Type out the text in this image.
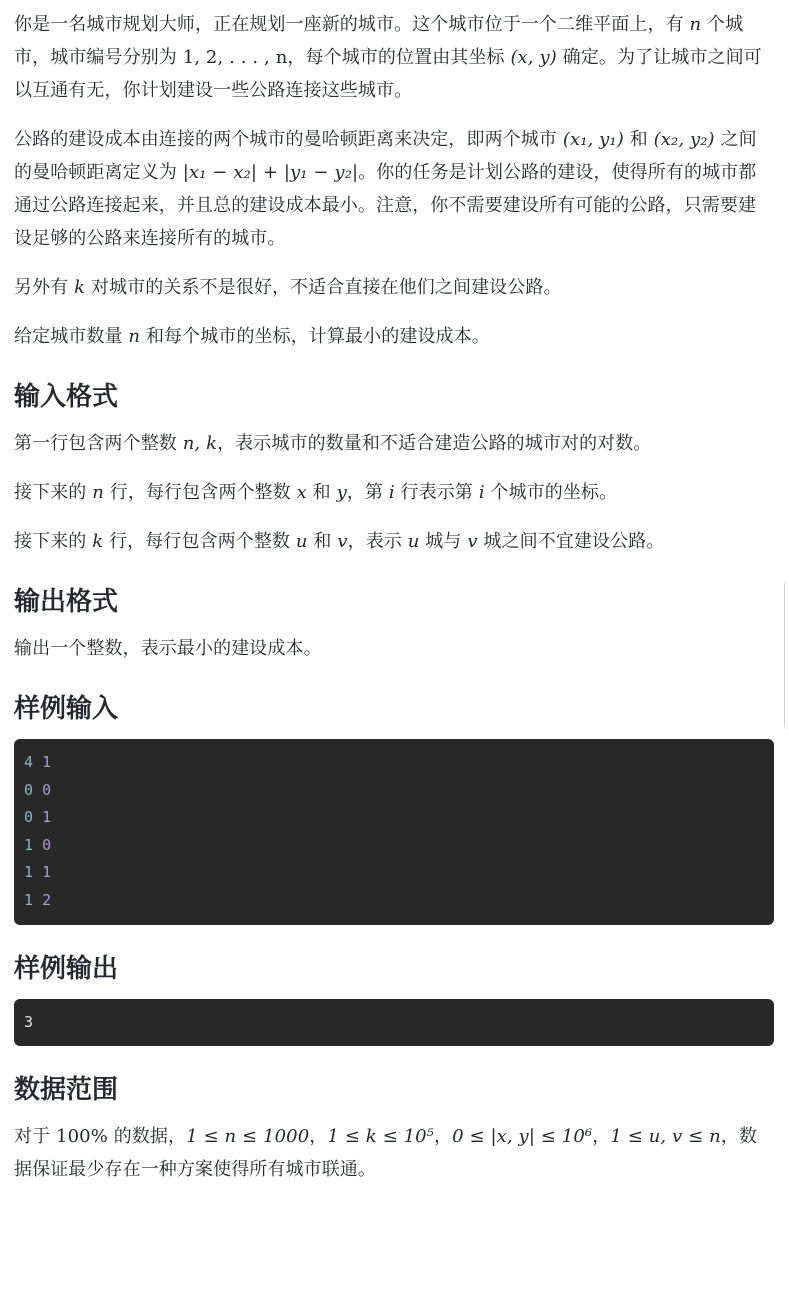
你是一名城市规划大师，正在规划一座新的城市。这个城市位于一个二维平面上，有 n 个城市，城市编号分别为 1, 2, . . . , n，每个城市的位置由其坐标 (x, y) 确定。为了让城市之间可以互通有无，你计划建设一些公路连接这些城市。

公路的建设成本由连接的两个城市的曼哈顿距离来决定，即两个城市 (x₁, y₁) 和 (x₂, y₂) 之间的曼哈顿距离定义为 |x₁ − x₂| + |y₁ − y₂|。你的任务是计划公路的建设，使得所有的城市都通过公路连接起来，并且总的建设成本最小。注意，你不需要建设所有可能的公路，只需要建设足够的公路来连接所有的城市。

另外有 k 对城市的关系不是很好，不适合直接在他们之间建设公路。

给定城市数量 n 和每个城市的坐标，计算最小的建设成本。

输入格式

第一行包含两个整数 n, k，表示城市的数量和不适合建造公路的城市对的对数。

接下来的 n 行，每行包含两个整数 x 和 y，第 i 行表示第 i 个城市的坐标。

接下来的 k 行，每行包含两个整数 u 和 v，表示 u 城与 v 城之间不宜建设公路。

输出格式

输出一个整数，表示最小的建设成本。

样例输入
4 1
0 0
0 1
1 0
1 1
1 2
样例输出
3
数据范围

对于 100% 的数据，1 ≤ n ≤ 1000，1 ≤ k ≤ 10⁵，0 ≤ |x, y| ≤ 10⁶，1 ≤ u, v ≤ n，数据保证最少存在一种方案使得所有城市联通。
